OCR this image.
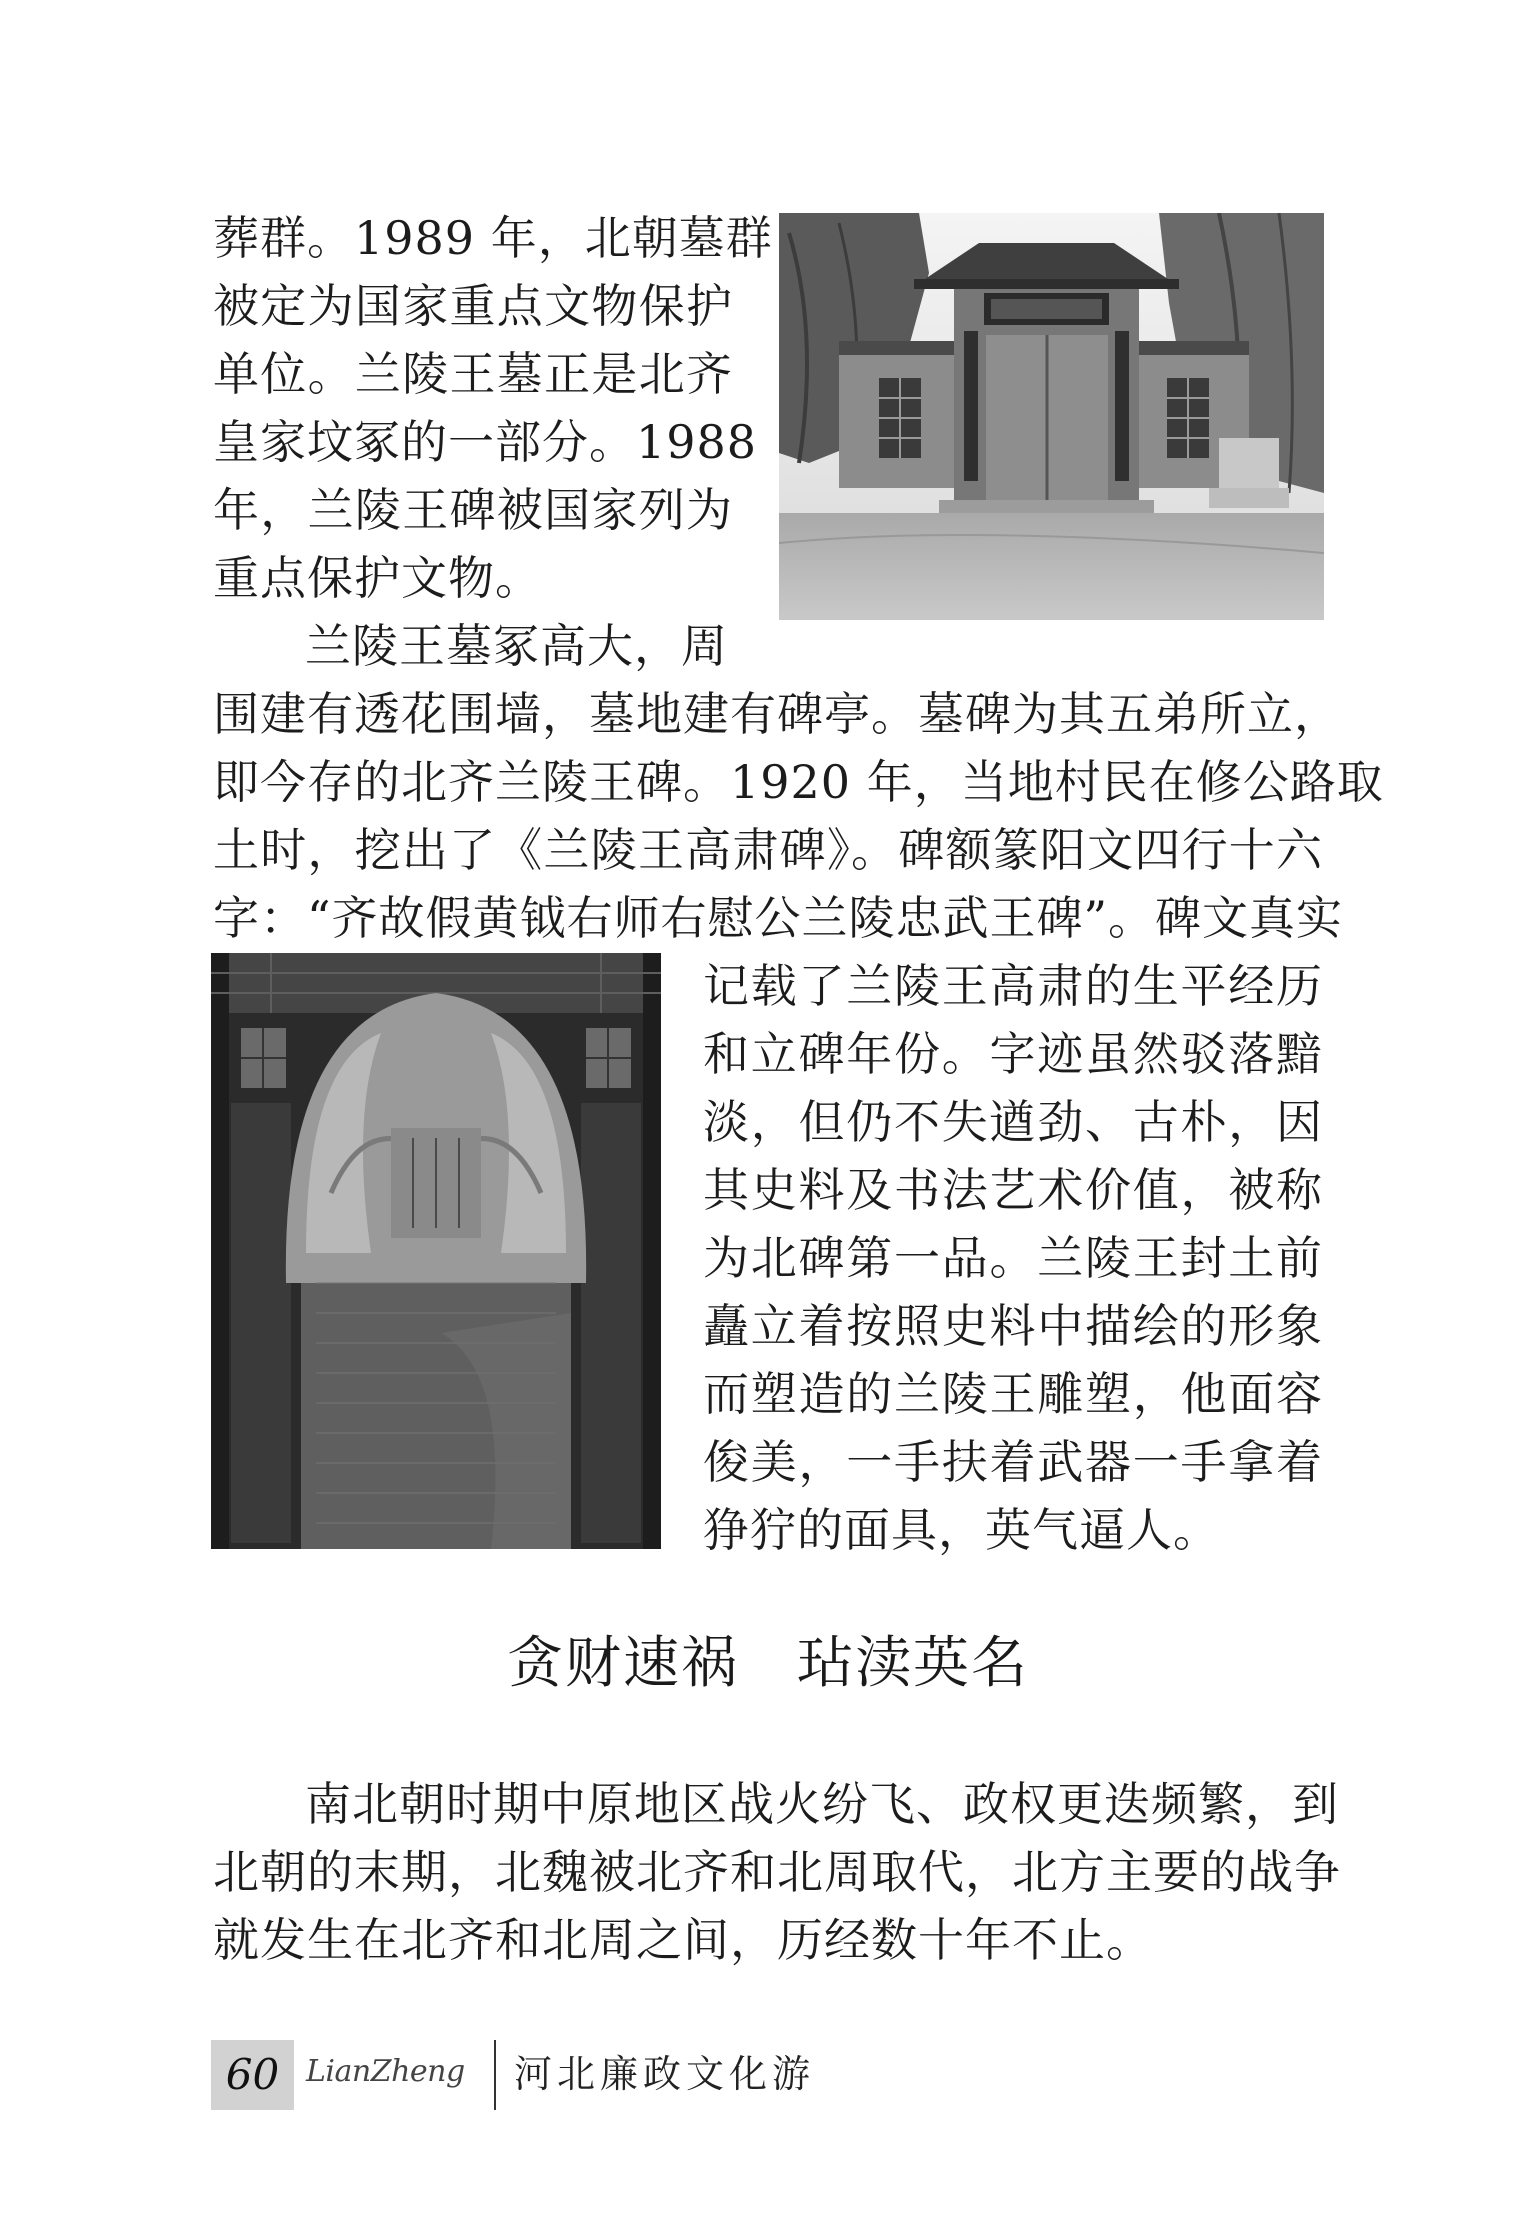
葬群。1989 年，北朝墓群
被定为国家重点文物保护
单位。兰陵王墓正是北齐
皇家坟冢的一部分。1988
年，兰陵王碑被国家列为
重点保护文物。
兰陵王墓冢高大，周
围建有透花围墙，墓地建有碑亭。墓碑为其五弟所立，
即今存的北齐兰陵王碑。1920 年，当地村民在修公路取
土时，挖出了《兰陵王高肃碑》。碑额篆阳文四行十六
字：“齐故假黄钺右师右慰公兰陵忠武王碑”。碑文真实
记载了兰陵王高肃的生平经历
和立碑年份。字迹虽然驳落黯
淡，但仍不失遒劲、古朴，因
其史料及书法艺术价值，被称
为北碑第一品。兰陵王封土前
矗立着按照史料中描绘的形象
而塑造的兰陵王雕塑，他面容
俊美，一手扶着武器一手拿着
狰狞的面具，英气逼人。
贪财速祸　玷渎英名
南北朝时期中原地区战火纷飞、政权更迭频繁，到
北朝的末期，北魏被北齐和北周取代，北方主要的战争
就发生在北齐和北周之间，历经数十年不止。
60 LianZheng 河北廉政文化游
